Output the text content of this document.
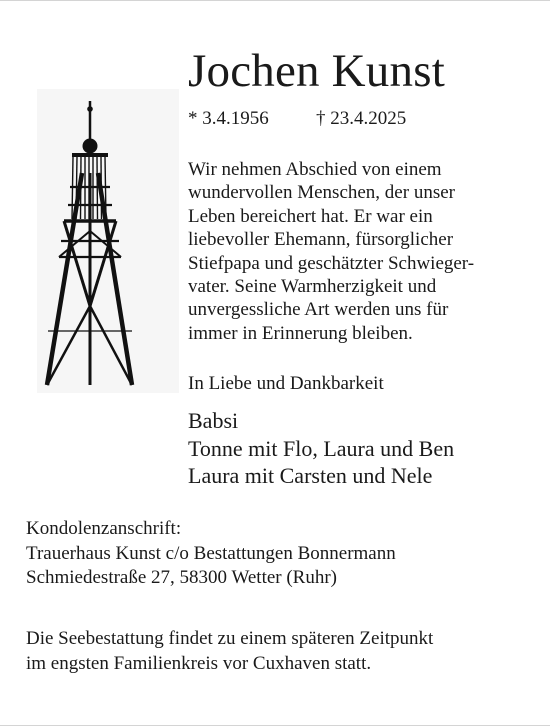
Jochen Kunst
* 3.4.1956 † 23.4.2025
Wir nehmen Abschied von einem
wundervollen Menschen, der unser
Leben bereichert hat. Er war ein
liebevoller Ehemann, fürsorglicher
Stiefpapa und geschätzter Schwieger-
vater. Seine Warmherzigkeit und
unvergessliche Art werden uns für
immer in Erinnerung bleiben.
In Liebe und Dankbarkeit
Babsi
Tonne mit Flo, Laura und Ben
Laura mit Carsten und Nele
Kondolenzanschrift:
Trauerhaus Kunst c/o Bestattungen Bonnermann
Schmiedestraße 27, 58300 Wetter (Ruhr)
Die Seebestattung findet zu einem späteren Zeitpunkt
im engsten Familienkreis vor Cuxhaven statt.
